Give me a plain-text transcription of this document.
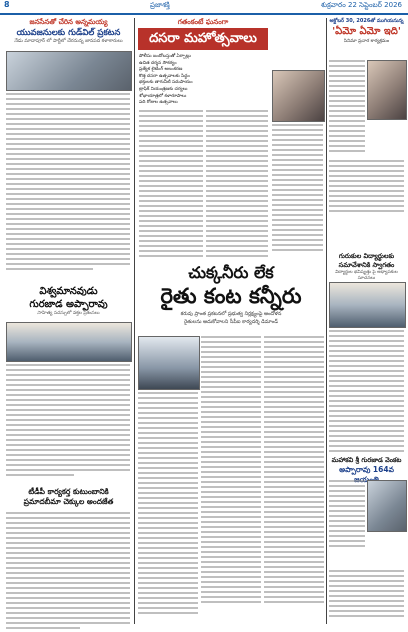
8	ప్రజాశక్తి	శుక్రవారం 22 సెప్టెంబర్ 2026
జనసేనతో చేరిన అన్నమయ్య
యువజనులకు గుడ్‌విల్ ప్రకటన
నేడు మాదాపూర్ లో పార్టీలో చేరనున్న జానపద కళాకారులు
విశ్వమానవుడు
గురజాడ అప్పారావు
సాహిత్య సదస్సులో వక్తల ప్రశంసలు
టీడీపీ కార్యకర్త కుటుంబానికి
ప్రమాదబీమా చెక్కుల అందజేత
గతంకంటే ఘనంగా
దసరా మహోత్సవాలు
పోలీసు బందోబస్తుతో ఏర్పాట్లు
ఉచిత దర్శన సౌకర్యం
ప్రత్యేక లైటింగ్ అలంకరణ
కొత్త దసరా ఉత్సవాలకు సిద్ధం
భక్తులకు తాగునీటి సదుపాయం
ట్రాఫిక్ నియంత్రణకు చర్యలు
శోభాయాత్రలో కళారూపాలు
పది రోజుల ఉత్సవాలు
చుక్కనీరు లేక
రైతు కంట కన్నీరు
కరువు ప్రాంత ప్రకటనలో ప్రభుత్వ నిర్లక్ష్యంపై ఆందోళన
రైతులను ఆదుకోవాలని సీపీఐ కార్యదర్శి డిమాండ్
అక్టోబర్ 30, 2026తో ముగియనున్న
'ఏమో ఏమో ఇది'
సినిమా ప్రచార కార్యక్రమం
గురుకుల విద్యార్థులకు
సమావేశానికి స్వాగతం
విద్యార్థుల భవిష్యత్తు పై అధ్యాపకుల సూచనలు
మహాకవి శ్రీ గురజాడ వెంకట
అప్పారావు 164వ
